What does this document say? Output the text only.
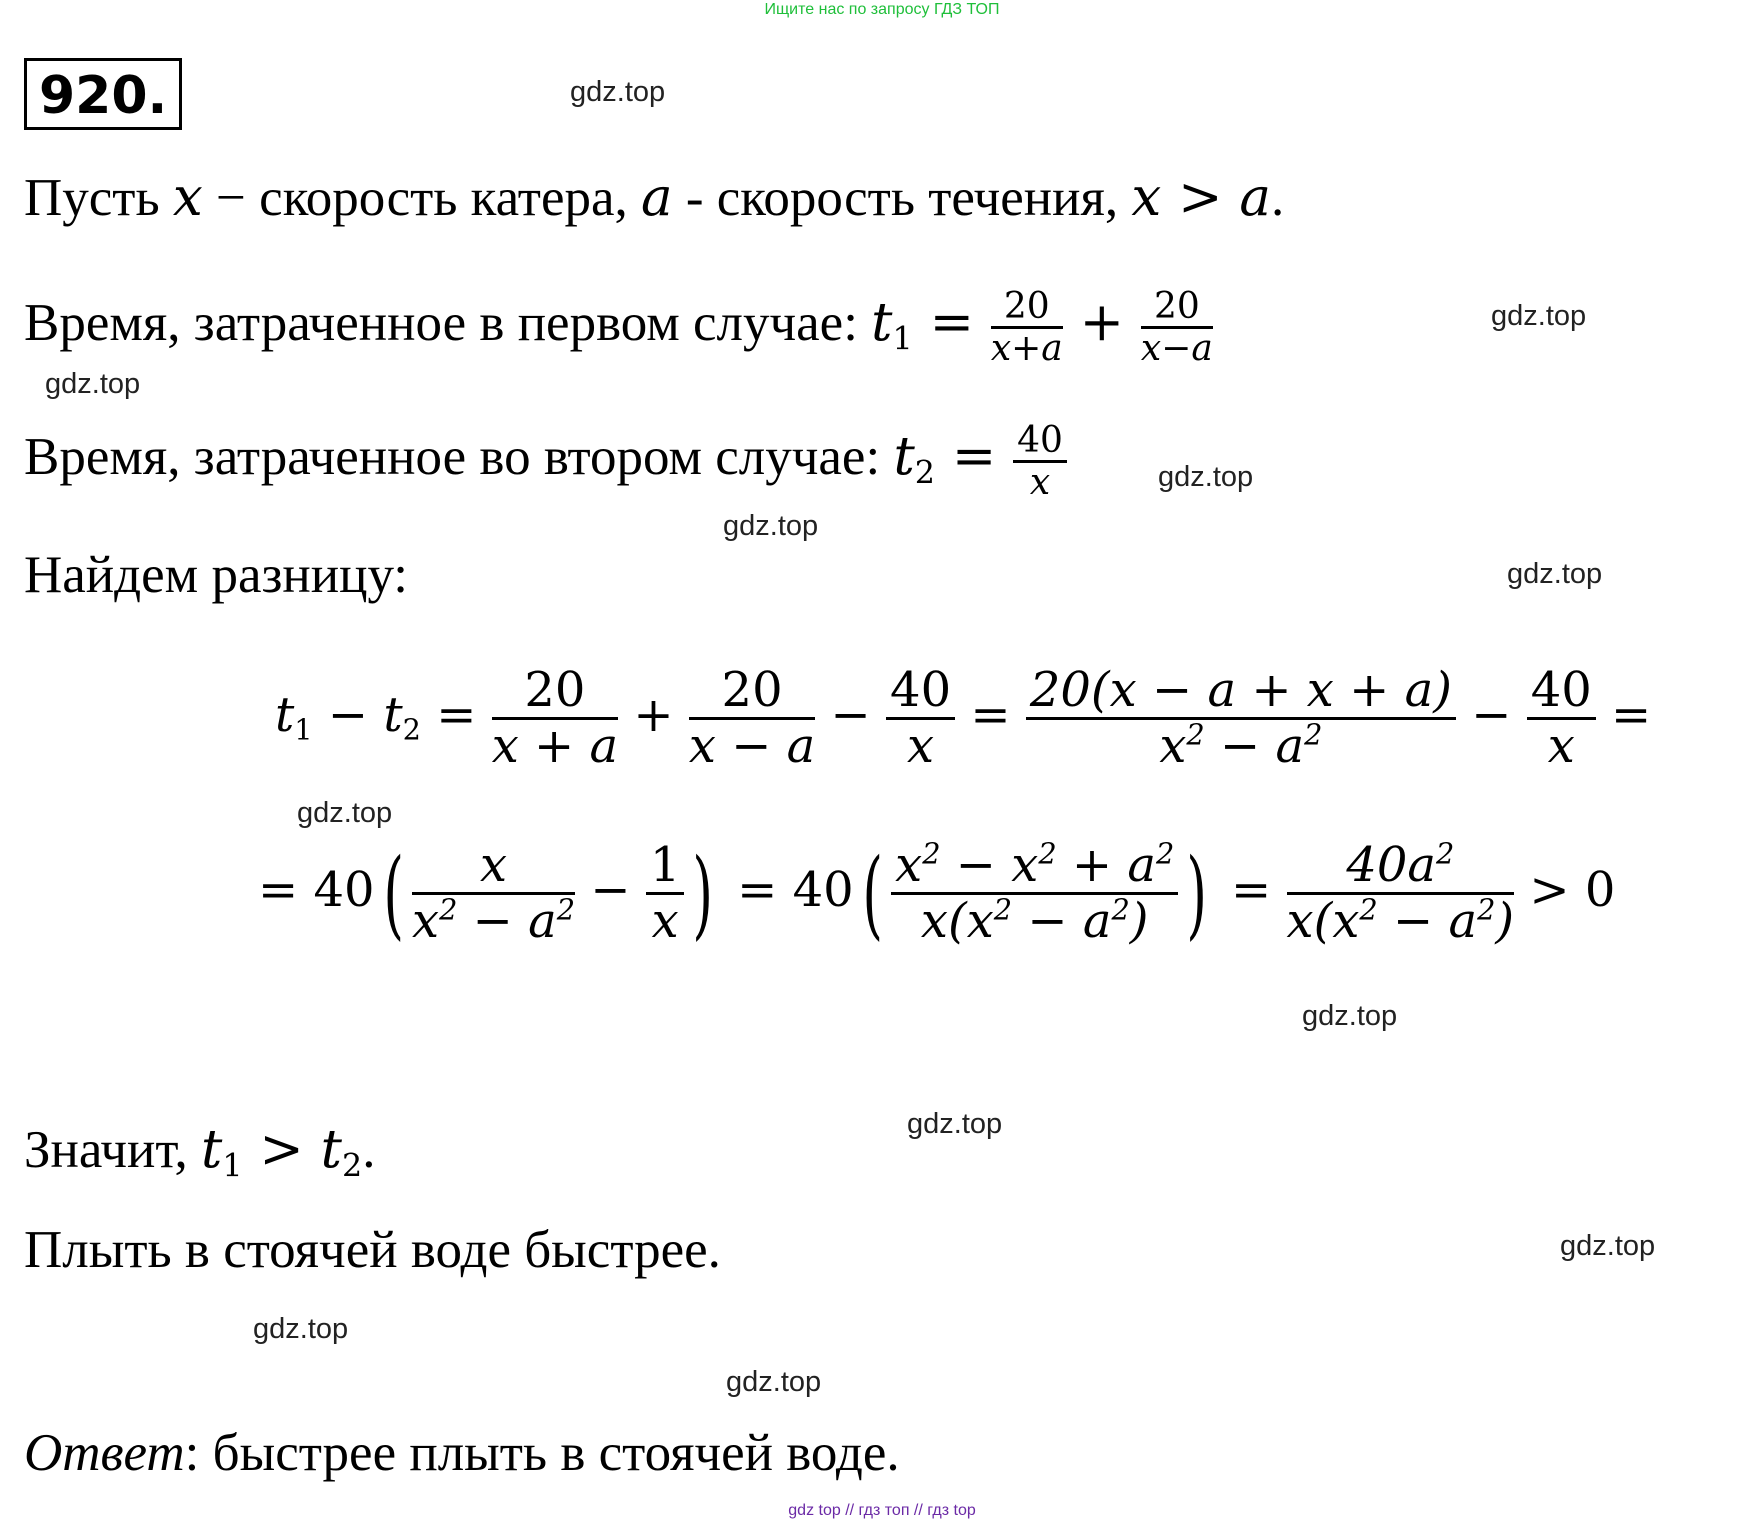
Ищите нас по запросу ГДЗ ТОП
920.	gdz.top
gdz.top
gdz.top
gdz.top
gdz.top
gdz.top
gdz.top
gdz.top
gdz.top
gdz.top
gdz.top
gdz.top
Пусть x − скорость катера, a - скорость течения, x > a.
Время, затраченное в первом случае: $t_1 = \frac{20}{x+a} + \frac{20}{x-a}$
Время, затраченное во втором случае: $t_2 = \frac{40}{x}$
Найдем разницу:
$t_1 - t_2 = \frac{20}{x + a} + \frac{20}{x - a} - \frac{40}{x} = \frac{20(x - a + x + a)}{x^2 - a^2} - \frac{40}{x}$ =
= $40( \frac{x}{x^2 - a^2} - \frac{1}{x}$ ) = $40( \frac{x^2 - x^2 + a^2}{x(x^2 - a^2)}$ ) = $\frac{40a^2}{x(x^2 - a^2)} > 0$
Значит, $t_1 > t_2$.
Плыть в стоячей воде быстрее.
Ответ: быстрее плыть в стоячей воде.
gdz top // гдз топ // гдз top
